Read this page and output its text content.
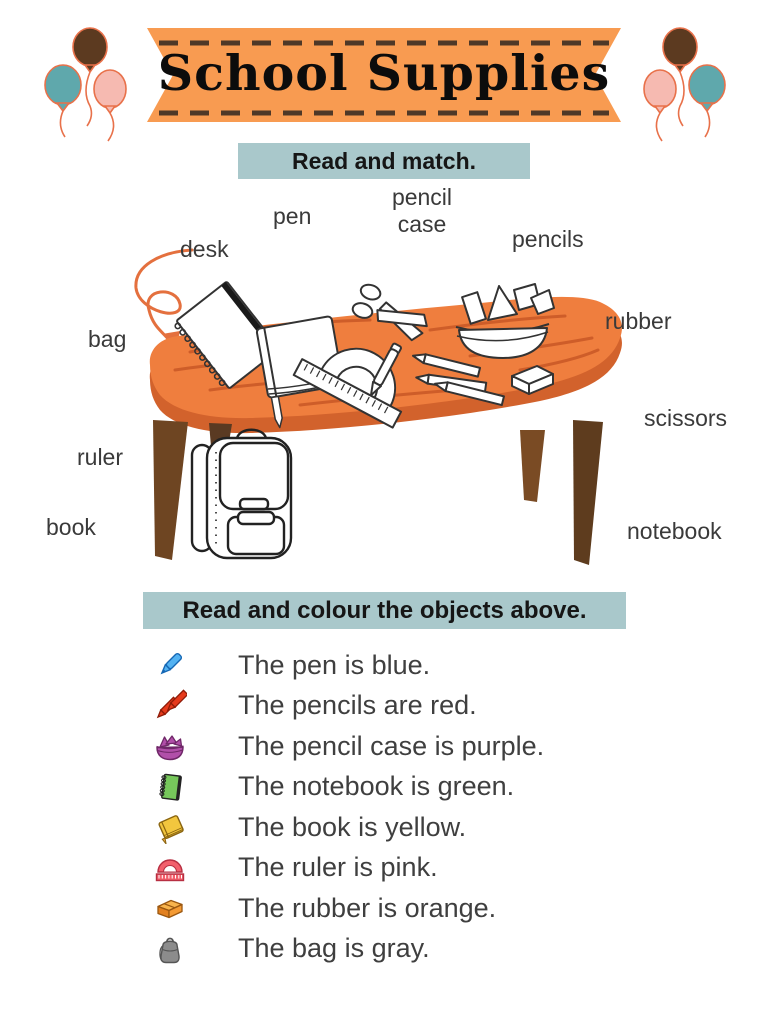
School Supplies
Read and match.
desk
pen
pencil case
pencils
rubber
bag
scissors
ruler
book	notebook
Read and colour the objects above.
The pen is blue.
The pencils are red.
The pencil case is purple.
The notebook is green.
The book is yellow.
The ruler is pink.
The rubber is orange.
The bag is gray.
